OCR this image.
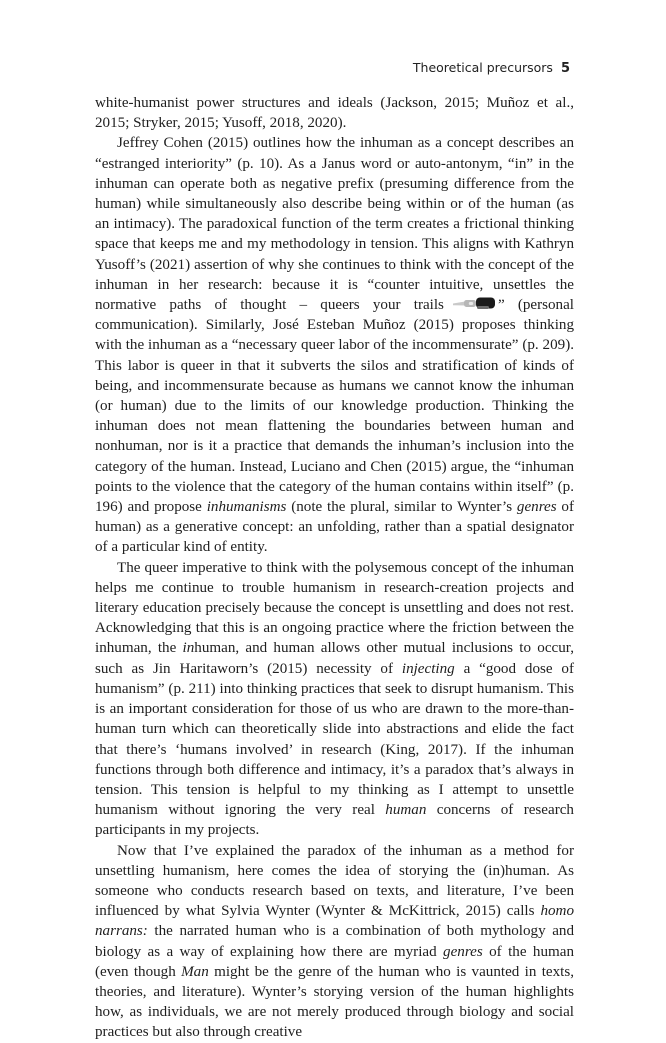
Theoretical precursors 5

white-humanist power structures and ideals (Jackson, 2015; Muñoz et al., 2015; Stryker, 2015; Yusoff, 2018, 2020).

Jeffrey Cohen (2015) outlines how the inhuman as a concept describes an “estranged interiority” (p. 10). As a Janus word or auto-antonym, “in” in the inhuman can operate both as negative prefix (presuming difference from the human) while simultaneously also describe being within or of the human (as an intimacy). The paradoxical function of the term creates a frictional thinking space that keeps me and my methodology in tension. This aligns with Kathryn Yusoff’s (2021) assertion of why she continues to think with the concept of the inhuman in her research: because it is “counter intuitive, unsettles the normative paths of thought – queers your trails	” (personal communication). Similarly, José Esteban Muñoz (2015) proposes thinking with the inhuman as a “necessary queer labor of the incommensurate” (p. 209). This labor is queer in that it subverts the silos and stratification of kinds of being, and incommensurate because as humans we cannot know the inhuman (or human) due to the limits of our knowledge production. Thinking the inhuman does not mean flattening the boundaries between human and nonhuman, nor is it a practice that demands the inhuman’s inclusion into the category of the human. Instead, Luciano and Chen (2015) argue, the “inhuman points to the violence that the category of the human contains within itself” (p. 196) and propose inhumanisms (note the plural, similar to Wynter’s genres of human) as a generative concept: an unfolding, rather than a spatial designator of a particular kind of entity.

The queer imperative to think with the polysemous concept of the inhuman helps me continue to trouble humanism in research-creation projects and literary education precisely because the concept is unsettling and does not rest. Acknowledging that this is an ongoing practice where the friction between the inhuman, the inhuman, and human allows other mutual inclusions to occur, such as Jin Haritaworn’s (2015) necessity of injecting a “good dose of humanism” (p. 211) into thinking practices that seek to disrupt humanism. This is an important consideration for those of us who are drawn to the more-than-human turn which can theoretically slide into abstractions and elide the fact that there’s ‘humans involved’ in research (King, 2017). If the inhuman functions through both difference and intimacy, it’s a paradox that’s always in tension. This tension is helpful to my thinking as I attempt to unsettle humanism without ignoring the very real human concerns of research participants in my projects.

Now that I’ve explained the paradox of the inhuman as a method for unsettling humanism, here comes the idea of storying the (in)human. As someone who conducts research based on texts, and literature, I’ve been influenced by what Sylvia Wynter (Wynter & McKittrick, 2015) calls homo narrans: the narrated human who is a combination of both mythology and biology as a way of explaining how there are myriad genres of the human (even though Man might be the genre of the human who is vaunted in texts, theories, and literature). Wynter’s storying version of the human highlights how, as individuals, we are not merely produced through biology and social practices but also through creative
